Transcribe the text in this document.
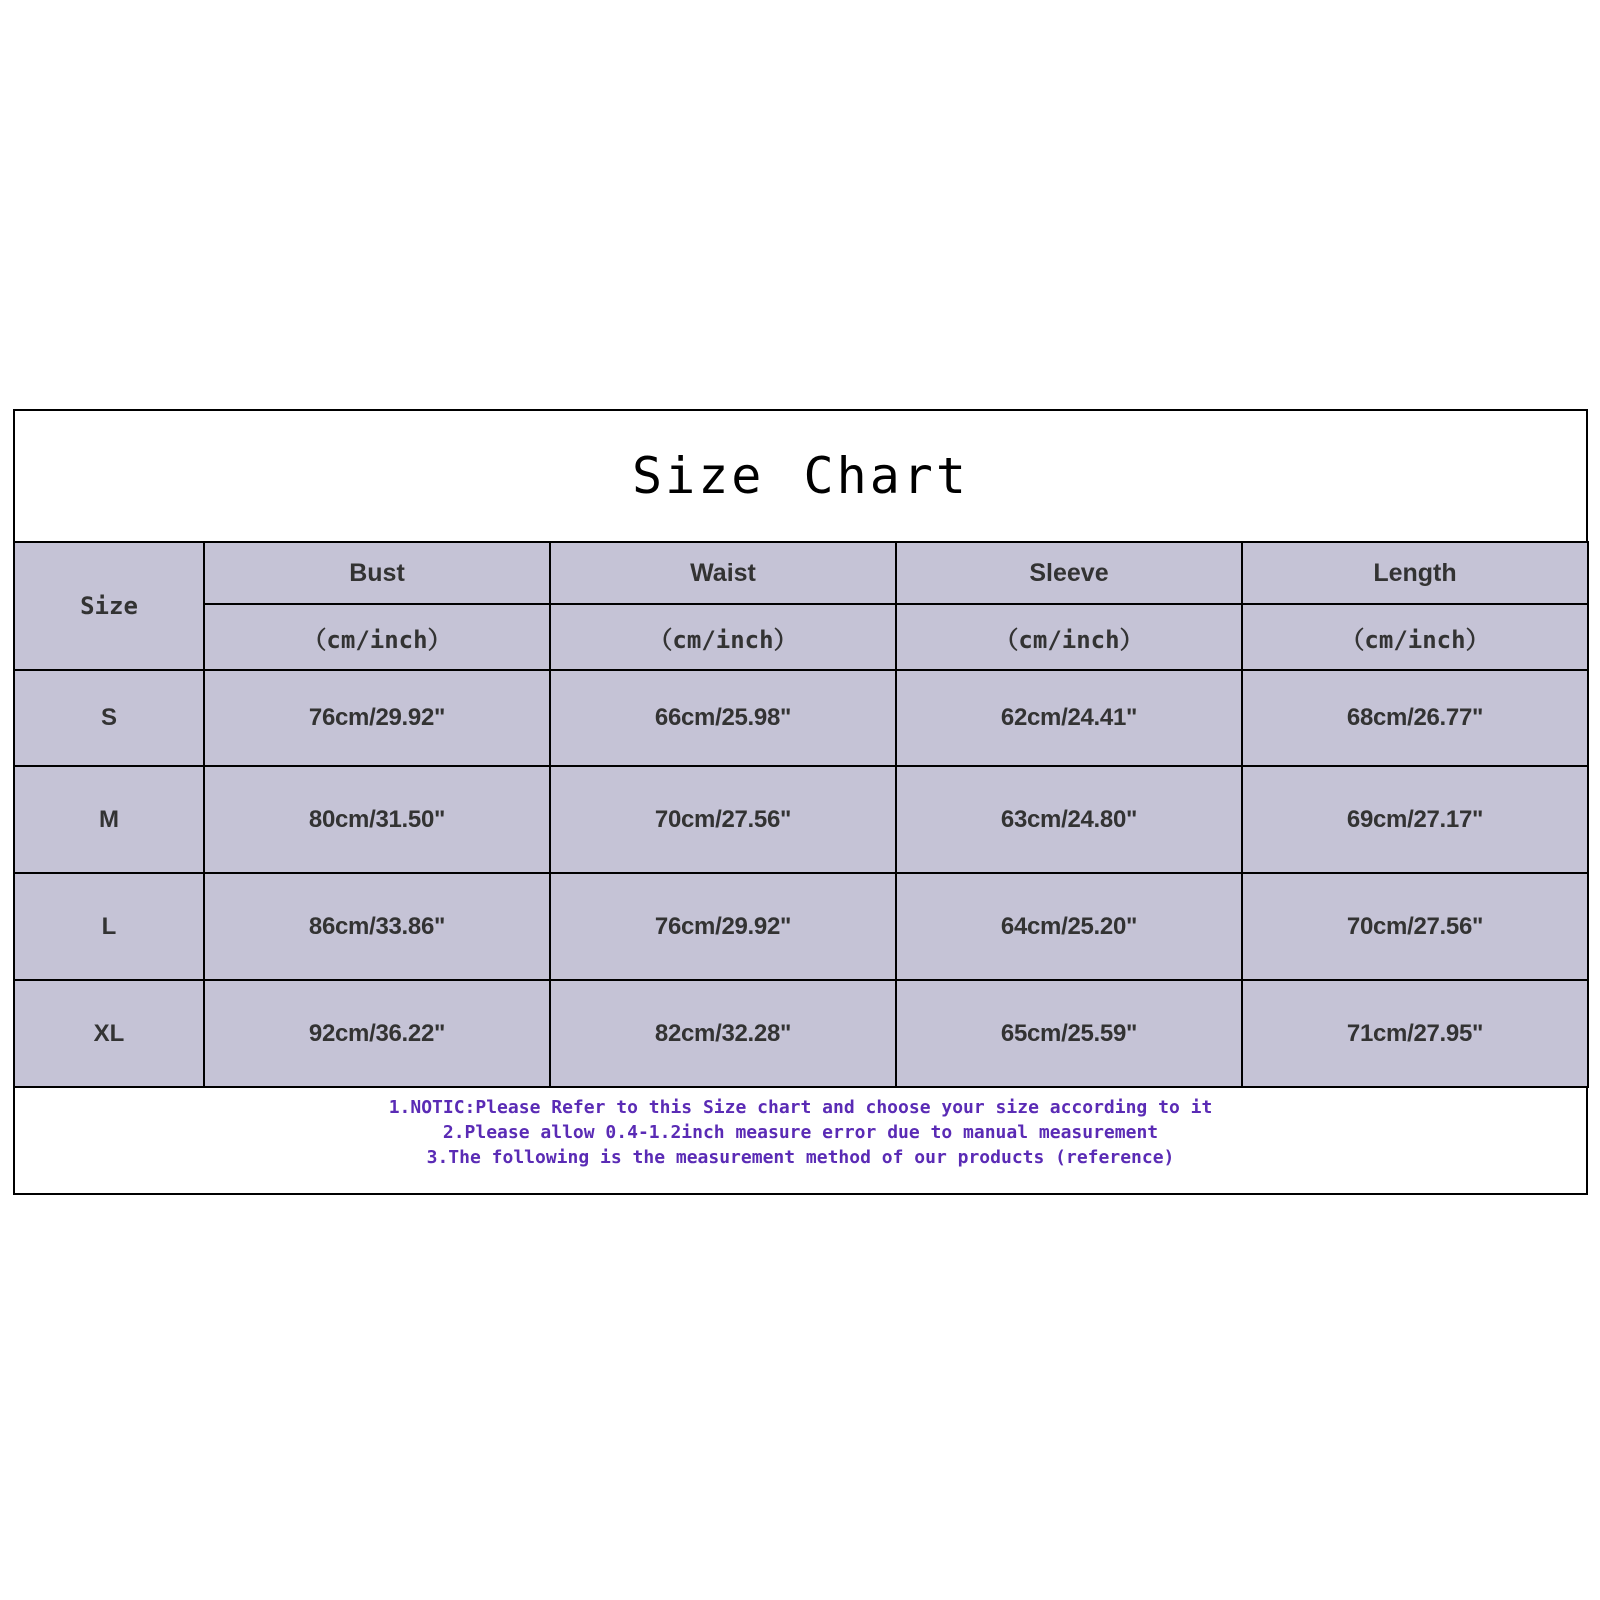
Size Chart
Size	Bust	Waist	Sleeve	Length
	（cm/inch）	（cm/inch）	（cm/inch）	（cm/inch）
S	76cm/29.92"	66cm/25.98"	62cm/24.41"	68cm/26.77"
M	80cm/31.50"	70cm/27.56"	63cm/24.80"	69cm/27.17"
L	86cm/33.86"	76cm/29.92"	64cm/25.20"	70cm/27.56"
XL	92cm/36.22"	82cm/32.28"	65cm/25.59"	71cm/27.95"
1.NOTIC:Please Refer to this Size chart and choose your size according to it
2.Please allow 0.4-1.2inch measure error due to manual measurement
3.The following is the measurement method of our products (reference)
